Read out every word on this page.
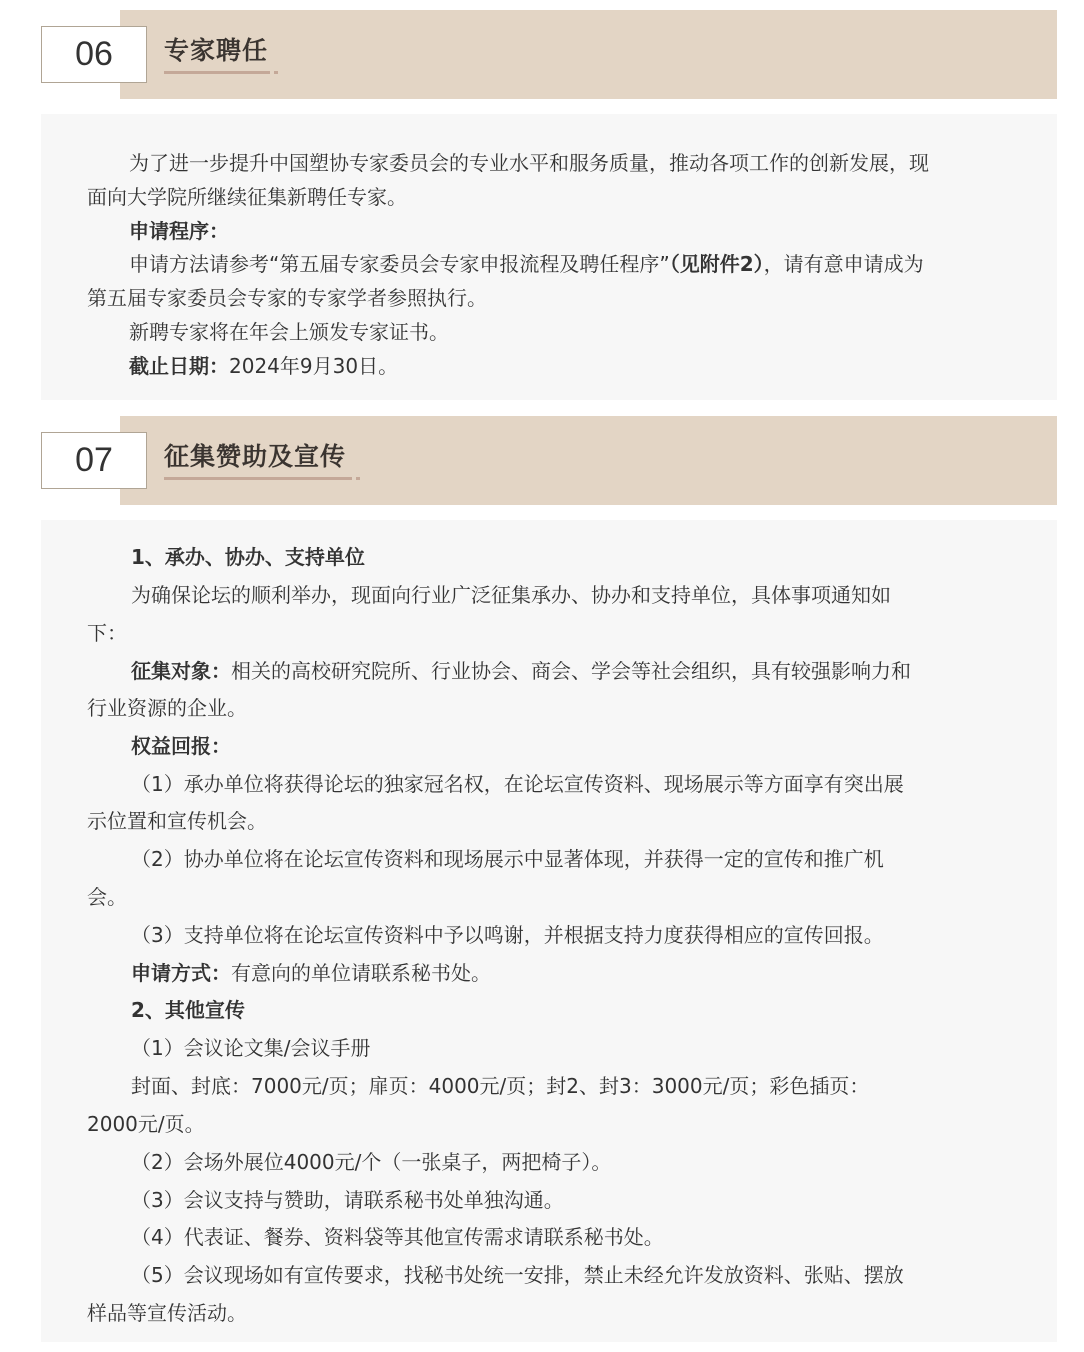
06	专家聘任

为了进一步提升中国塑协专家委员会的专业水平和服务质量，推动各项工作的创新发展，现

面向大学院所继续征集新聘任专家。

申请程序：

申请方法请参考“第五届专家委员会专家申报流程及聘任程序”（见附件2），请有意申请成为

第五届专家委员会专家的专家学者参照执行。

新聘专家将在年会上颁发专家证书。

截止日期：2024年9月30日。

07	征集赞助及宣传

1、承办、协办、支持单位

为确保论坛的顺利举办，现面向行业广泛征集承办、协办和支持单位，具体事项通知如

下：

征集对象：相关的高校研究院所、行业协会、商会、学会等社会组织，具有较强影响力和

行业资源的企业。

权益回报：

（1）承办单位将获得论坛的独家冠名权，在论坛宣传资料、现场展示等方面享有突出展

示位置和宣传机会。

（2）协办单位将在论坛宣传资料和现场展示中显著体现，并获得一定的宣传和推广机

会。

（3）支持单位将在论坛宣传资料中予以鸣谢，并根据支持力度获得相应的宣传回报。

申请方式：有意向的单位请联系秘书处。

2、其他宣传

（1）会议论文集/会议手册

封面、封底：7000元/页；扉页：4000元/页；封2、封3：3000元/页；彩色插页：

2000元/页。

（2）会场外展位4000元/个（一张桌子，两把椅子）。

（3）会议支持与赞助，请联系秘书处单独沟通。

（4）代表证、餐券、资料袋等其他宣传需求请联系秘书处。

（5）会议现场如有宣传要求，找秘书处统一安排，禁止未经允许发放资料、张贴、摆放

样品等宣传活动。
